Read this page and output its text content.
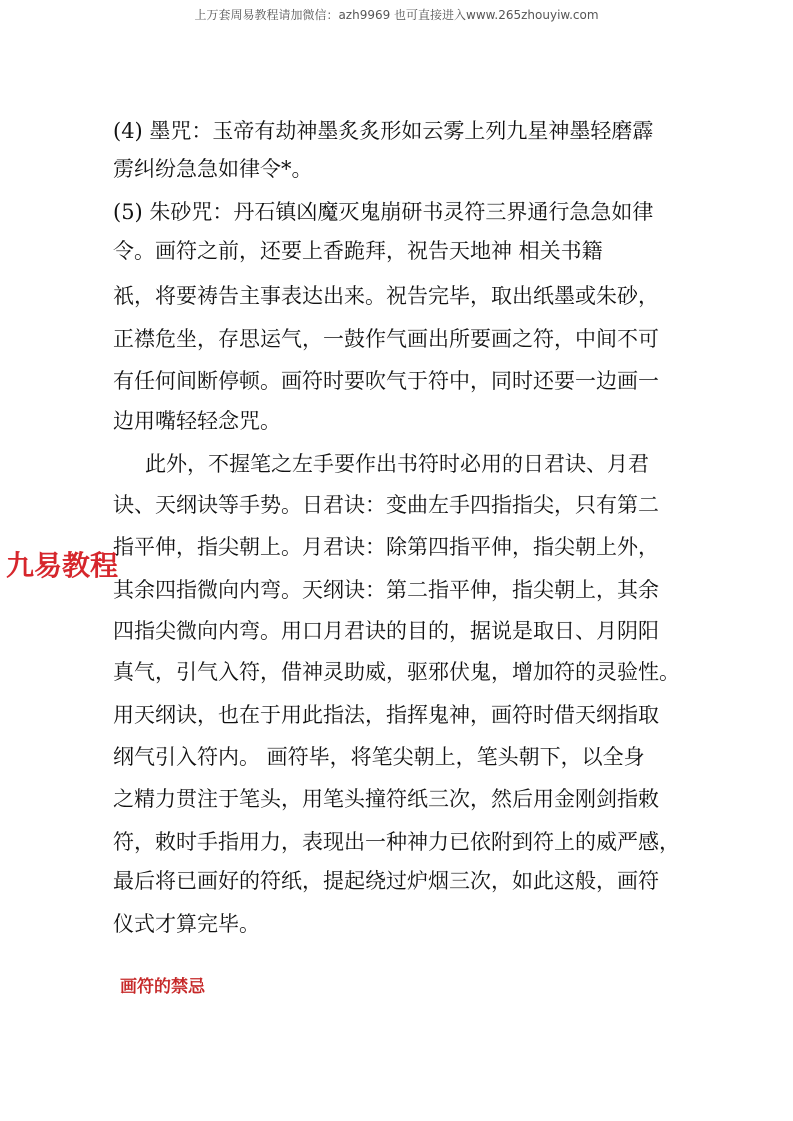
上万套周易教程请加微信：azh9969 也可直接进入www.265zhouyiw.com
(4) 墨咒：玉帝有劫神墨炙炙形如云雾上列九星神墨轻磨霹
雳纠纷急急如律令*。
(5) 朱砂咒：丹石镇凶魔灭鬼崩研书灵符三界通行急急如律
令。画符之前，还要上香跪拜，祝告天地神 相关书籍
祇，将要祷告主事表达出来。祝告完毕，取出纸墨或朱砂，
正襟危坐，存思运气，一鼓作气画出所要画之符，中间不可
有任何间断停顿。画符时要吹气于符中，同时还要一边画一
边用嘴轻轻念咒。
此外，不握笔之左手要作出书符时必用的日君诀、月君
诀、天纲诀等手势。日君诀：变曲左手四指指尖，只有第二
指平伸，指尖朝上。月君诀：除第四指平伸，指尖朝上外，
其余四指微向内弯。天纲诀：第二指平伸，指尖朝上，其余
四指尖微向内弯。用口月君诀的目的，据说是取日、月阴阳
真气，引气入符，借神灵助威，驱邪伏鬼，增加符的灵验性。
用天纲诀，也在于用此指法，指挥鬼神，画符时借天纲指取
纲气引入符内。 画符毕，将笔尖朝上，笔头朝下，以全身
之精力贯注于笔头，用笔头撞符纸三次，然后用金刚剑指敕
符，敕时手指用力，表现出一种神力已依附到符上的威严感，
最后将已画好的符纸，提起绕过炉烟三次，如此这般，画符
仪式才算完毕。
九易教程
画符的禁忌
